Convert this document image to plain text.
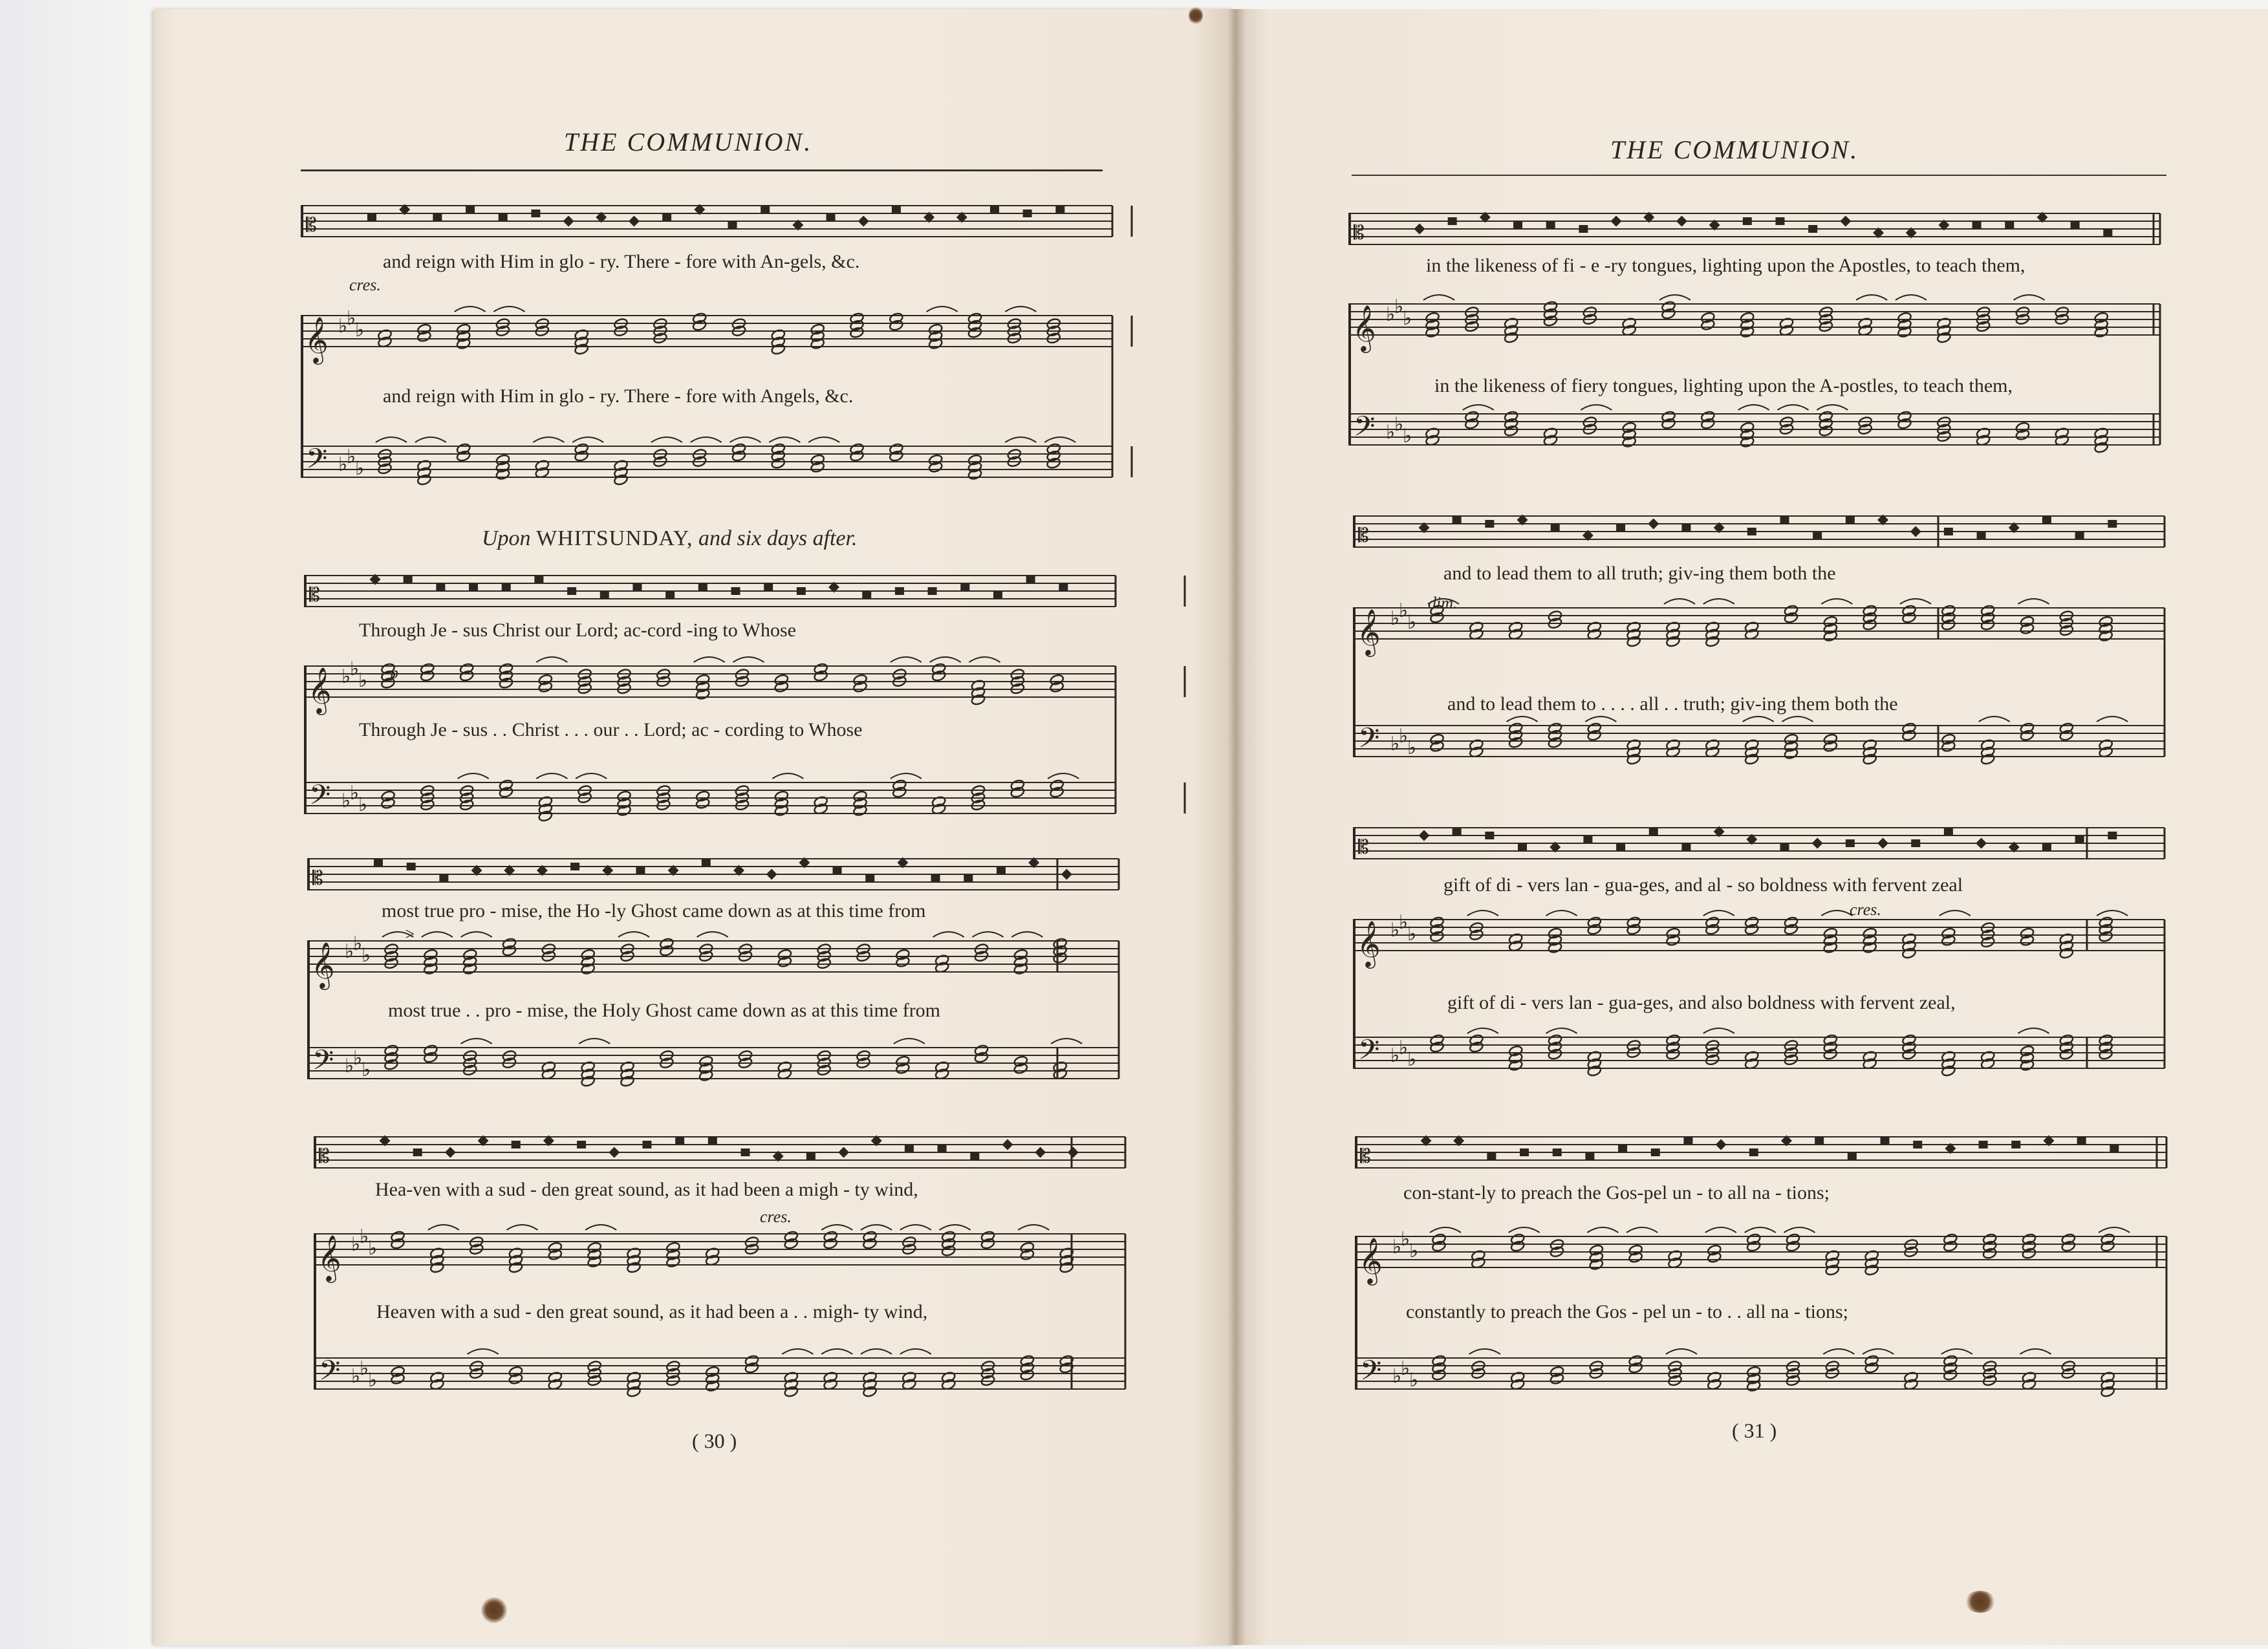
THE COMMUNION.	THE COMMUNION.
Upon WHITSUNDAY, and six days after.
𝄡
𝄞
𝄢
♭
♭
♭
♭
♭
♭
and reign with Him in glo - ry. There - fore with An-gels, &c.
cres.
and reign with Him in glo - ry. There - fore with Angels, &c.
𝄡
𝄞
𝄢
♭
♭
♭
♭
♭
♭
Through Je - sus Christ our Lord; ac-cord -ing to Whose
p
Through Je - sus . . Christ . . . our . . Lord; ac - cording to Whose
𝄡
𝄞
𝄢
♭
♭
♭
♭
♭
♭
most true pro - mise, the Ho -ly Ghost came down as at this time from
>
most true . . pro - mise, the Holy Ghost came down as at this time from
𝄡
𝄞
𝄢
♭
♭
♭
♭
♭
♭
Hea-ven with a sud - den great sound, as it had been a migh - ty wind,
cres.
Heaven with a sud - den great sound, as it had been a . . migh- ty wind,
( 30 )
𝄡
𝄞
𝄢
♭
♭
♭
♭
♭
♭
in the likeness of fi - e -ry tongues, lighting upon the Apostles, to teach them,
in the likeness of fiery tongues, lighting upon the A-postles, to teach them,
𝄡
𝄞
𝄢
♭
♭
♭
♭
♭
♭
and to lead them to all truth; giv-ing them both the
dim.
and to lead them to . . . . all . . truth; giv-ing them both the
𝄡
𝄞
𝄢
♭
♭
♭
♭
♭
♭
gift of di - vers lan - gua-ges, and al - so boldness with fervent zeal
cres.
gift of di - vers lan - gua-ges, and also boldness with fervent zeal,
𝄡
𝄞
𝄢
♭
♭
♭
♭
♭
♭
con-stant-ly to preach the Gos-pel un - to all na - tions;
constantly to preach the Gos - pel un - to . . all na - tions;
( 31 )
